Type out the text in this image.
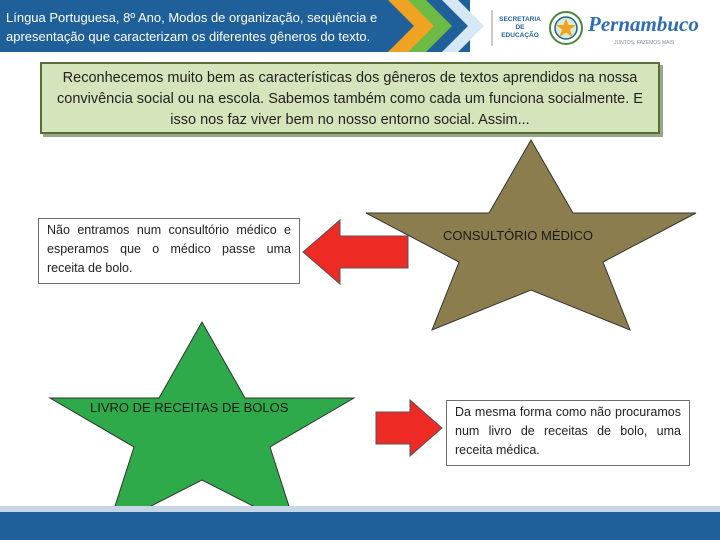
Língua Portuguesa, 8º Ano, Modos de organização, sequência e
apresentação que caracterizam os diferentes gêneros do texto.
SECRETARIA DE EDUCAÇÃO Pernambuco
JUNTOS, FAZEMOS MAIS
Reconhecemos muito bem as características dos gêneros de textos aprendidos na nossa convivência social ou na escola. Sabemos também como cada um funciona socialmente. E isso nos faz viver bem no nosso entorno social. Assim...
CONSULTÓRIO MÉDICO
LIVRO DE RECEITAS DE BOLOS
Não entramos num consultório médico e esperamos que o médico passe uma receita de bolo.
Da mesma forma como não procuramos num livro de receitas de bolo, uma receita médica.
